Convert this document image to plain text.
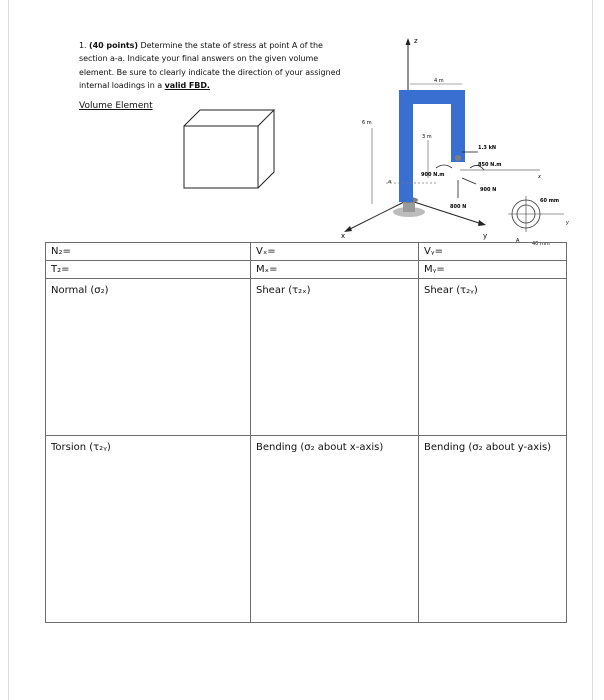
1. (40 points) Determine the state of stress at point A of the section a-a. Indicate your final answers on the given volume element. Be sure to clearly indicate the direction of your assigned internal loadings in a valid FBD.
Volume Element
z
x	y
a
4 m
6 m
3 m
1.3 kN
850 N.m
x
900 N
900 N.m
800 N
y
60 mm
A	40 mm
N₂=	Vₓ=	Vᵧ=
T₂=	Mₓ=	Mᵧ=
Normal (σ₂)	Shear (τ₂ₓ)	Shear (τ₂ᵧ)
Torsion (τ₂ᵧ)	Bending (σ₂ about x-axis)	Bending (σ₂ about y-axis)
